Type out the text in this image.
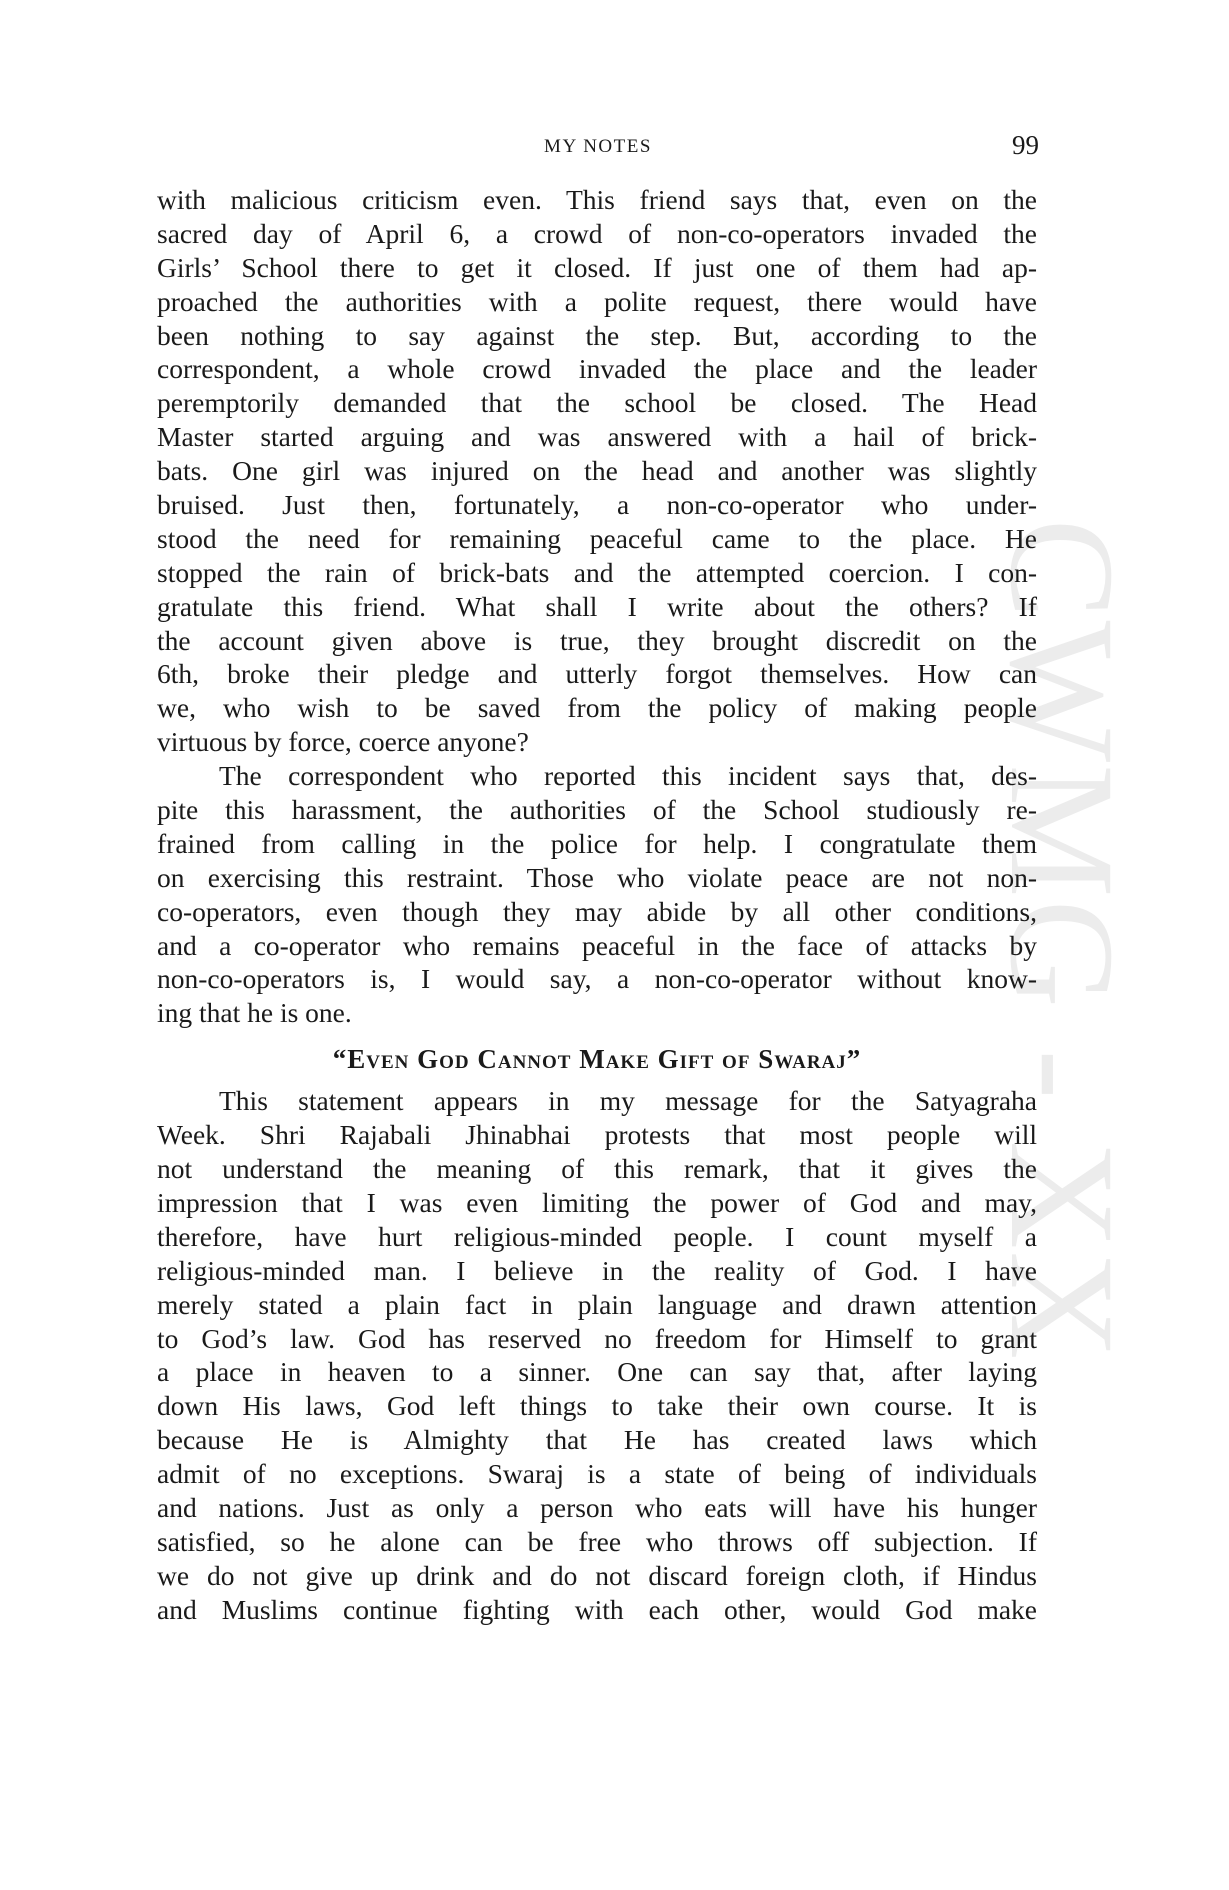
CWMG - XX
MY NOTES	99
with malicious criticism even. This friend says that, even on the
sacred day of April 6, a crowd of non-co-operators invaded the
Girls’ School there to get it closed. If just one of them had ap-
proached the authorities with a polite request, there would have
been nothing to say against the step. But, according to the
correspondent, a whole crowd invaded the place and the leader
peremptorily demanded that the school be closed. The Head
Master started arguing and was answered with a hail of brick-
bats. One girl was injured on the head and another was slightly
bruised. Just then, fortunately, a non-co-operator who under-
stood the need for remaining peaceful came to the place. He
stopped the rain of brick-bats and the attempted coercion. I con-
gratulate this friend. What shall I write about the others? If
the account given above is true, they brought discredit on the
6th, broke their pledge and utterly forgot themselves. How can
we, who wish to be saved from the policy of making people
virtuous by force, coerce anyone?
The correspondent who reported this incident says that, des-
pite this harassment, the authorities of the School studiously re-
frained from calling in the police for help. I congratulate them
on exercising this restraint. Those who violate peace are not non-
co-operators, even though they may abide by all other conditions,
and a co-operator who remains peaceful in the face of attacks by
non-co-operators is, I would say, a non-co-operator without know-
ing that he is one.
“Even God Cannot Make Gift of Swaraj”
This statement appears in my message for the Satyagraha
Week. Shri Rajabali Jhinabhai protests that most people will
not understand the meaning of this remark, that it gives the
impression that I was even limiting the power of God and may,
therefore, have hurt religious-minded people. I count myself a
religious-minded man. I believe in the reality of God. I have
merely stated a plain fact in plain language and drawn attention
to God’s law. God has reserved no freedom for Himself to grant
a place in heaven to a sinner. One can say that, after laying
down His laws, God left things to take their own course. It is
because He is Almighty that He has created laws which
admit of no exceptions. Swaraj is a state of being of individuals
and nations. Just as only a person who eats will have his hunger
satisfied, so he alone can be free who throws off subjection. If
we do not give up drink and do not discard foreign cloth, if Hindus
and Muslims continue fighting with each other, would God make
